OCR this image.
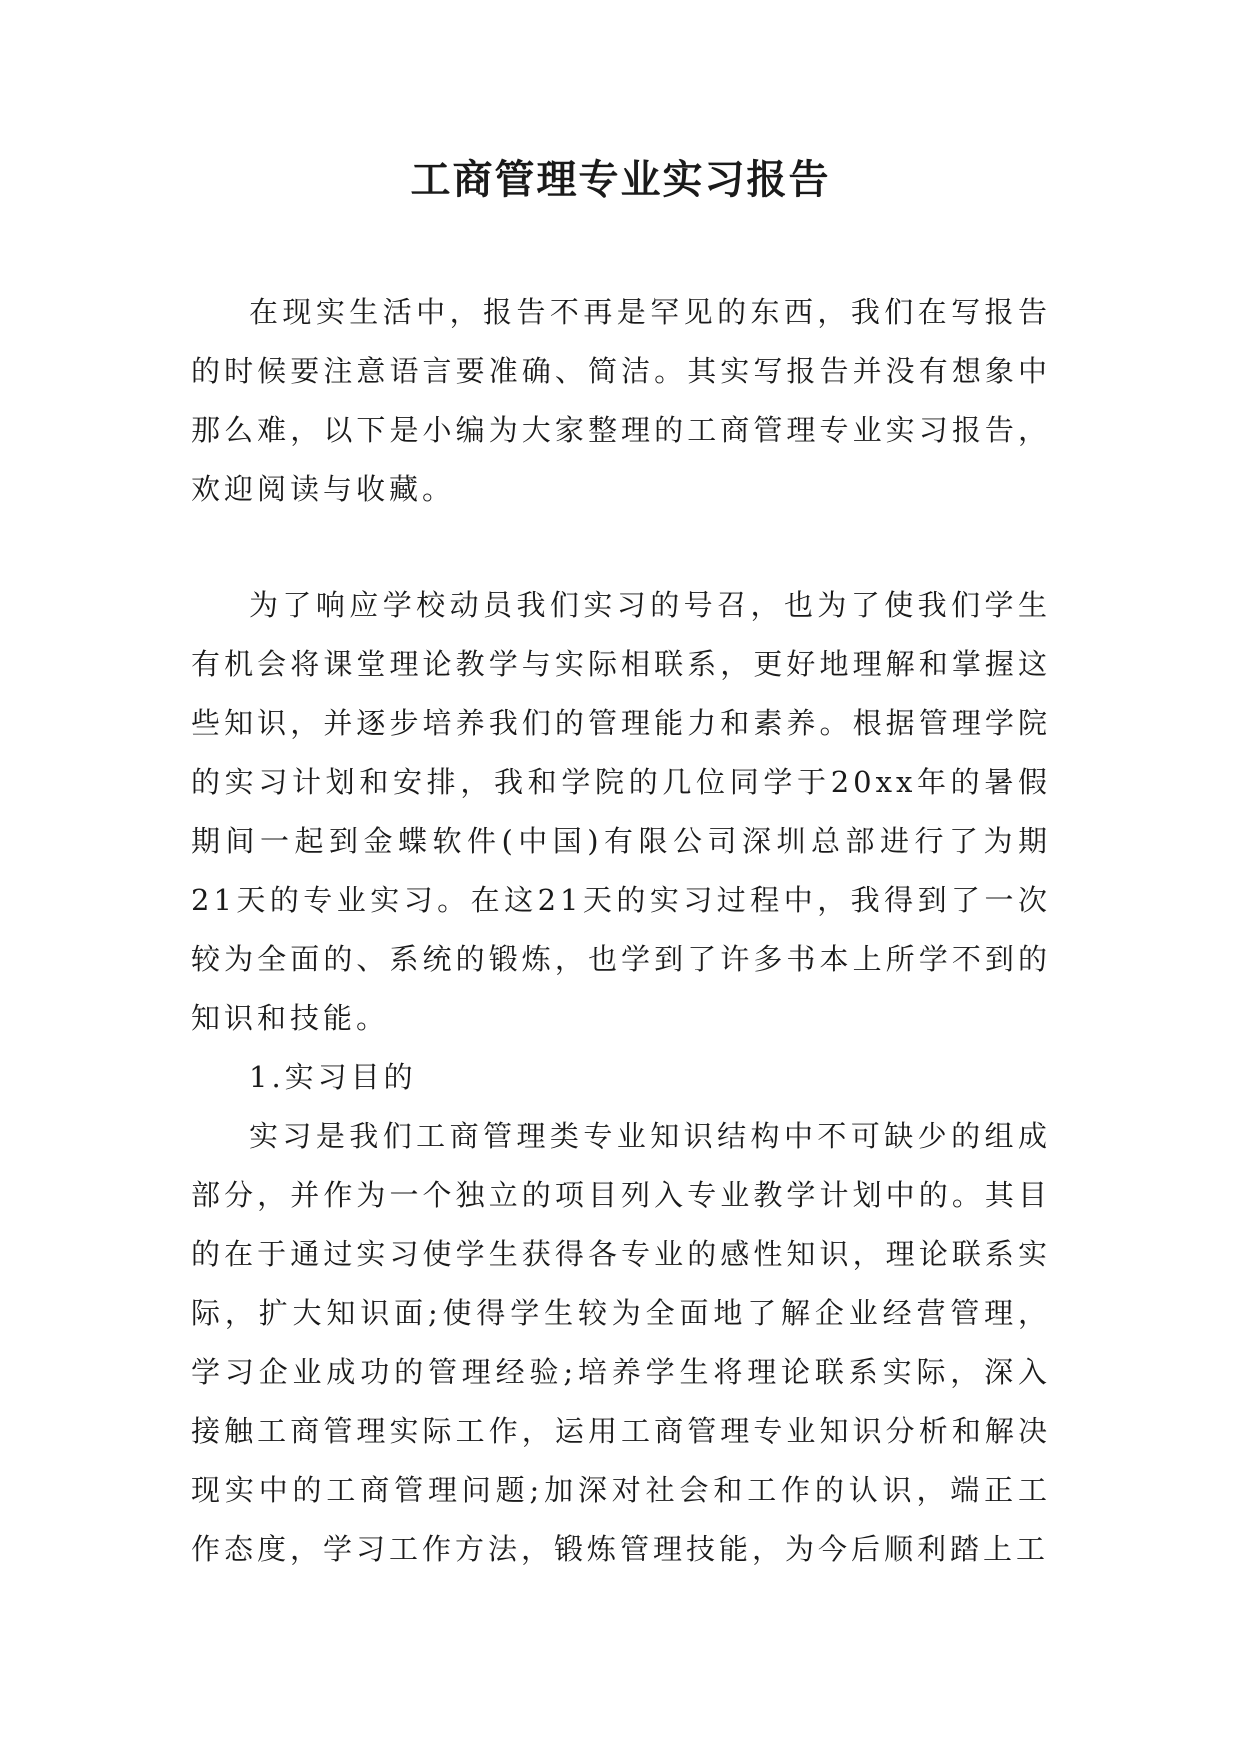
工商管理专业实习报告

在现实生活中，报告不再是罕见的东西，我们在写报告的时候要注意语言要准确、简洁。其实写报告并没有想象中那么难，以下是小编为大家整理的工商管理专业实习报告，欢迎阅读与收藏。

为了响应学校动员我们实习的号召，也为了使我们学生有机会将课堂理论教学与实际相联系，更好地理解和掌握这些知识，并逐步培养我们的管理能力和素养。根据管理学院的实习计划和安排，我和学院的几位同学于20xx年的暑假期间一起到金蝶软件(中国)有限公司深圳总部进行了为期21天的专业实习。在这21天的实习过程中，我得到了一次较为全面的、系统的锻炼，也学到了许多书本上所学不到的知识和技能。

1.实习目的

实习是我们工商管理类专业知识结构中不可缺少的组成部分，并作为一个独立的项目列入专业教学计划中的。其目的在于通过实习使学生获得各专业的感性知识，理论联系实际，扩大知识面;使得学生较为全面地了解企业经营管理，学习企业成功的管理经验;培养学生将理论联系实际，深入接触工商管理实际工作，运用工商管理专业知识分析和解决现实中的工商管理问题;加深对社会和工作的认识，端正工作态度，学习工作方法，锻炼管理技能，为今后顺利踏上工
